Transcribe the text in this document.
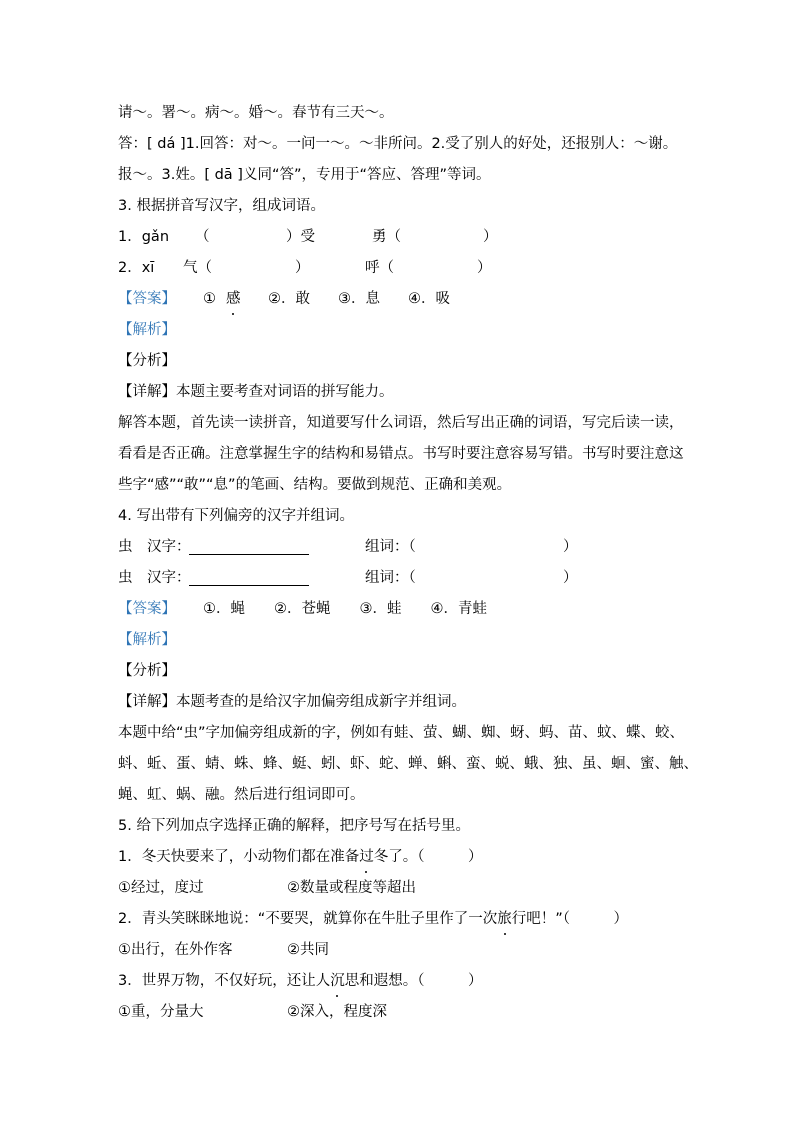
请～。署～。病～。婚～。春节有三天～。
答：[ dá ]1.回答：对～。一问一～。～非所问。2.受了别人的好处，还报别人：～谢。
报～。3.姓。[ dā ]义同“答”，专用于“答应、答理”等词。
3. 根据拼音写汉字，组成词语。
1．gǎn （	）受	勇（	）
2．xī 气（	）	呼（	）
【答案】 ① 感 ②．敢 ③．息 ④．吸
【解析】
【分析】
【详解】本题主要考查对词语的拼写能力。
解答本题，首先读一读拼音，知道要写什么词语，然后写出正确的词语，写完后读一读，
看看是否正确。注意掌握生字的结构和易错点。书写时要注意容易写错。书写时要注意这
些字“感”“敢”“息”的笔画、结构。要做到规范、正确和美观。
4. 写出带有下列偏旁的汉字并组词。
虫 汉字：	组词：（	）
虫 汉字：	组词：（	）
【答案】 ①．蝇　　②．苍蝇　　③．蛙　　④．青蛙
【解析】
【分析】
【详解】本题考查的是给汉字加偏旁组成新字并组词。
本题中给“虫”字加偏旁组成新的字，例如有蛙、萤、蝴、蜘、蚜、蚂、苗、蚊、蝶、蛟、
蚪、蚯、蛋、蜻、蛛、蜂、蜓、蚓、虾、蛇、蝉、蝌、蛮、蜕、蛾、独、虽、蛔、蜜、触、
蝇、虹、蜗、融。然后进行组词即可。
5. 给下列加点字选择正确的解释，把序号写在括号里。
1．冬天快要来了，小动物们都在准备过冬了。（　　　）
①经过，度过	②数量或程度等超出
2．青头笑眯眯地说：“不要哭，就算你在牛肚子里作了一次旅行吧！”（　　　）
①出行，在外作客	②共同
3．世界万物，不仅好玩，还让人沉思和遐想。（　　　）
①重，分量大	②深入，程度深
